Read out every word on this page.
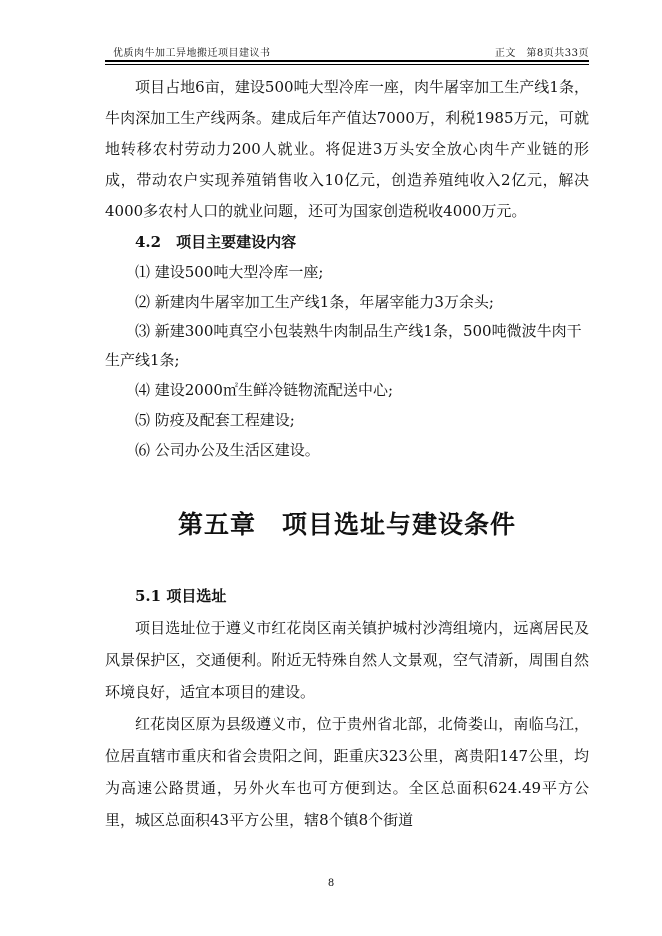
优质肉牛加工异地搬迁项目建议书	正文　第8页共33页

项目占地6亩，建设500吨大型冷库一座，肉牛屠宰加工生产线1条，牛肉深加工生产线两条。建成后年产值达7000万，利税1985万元，可就地转移农村劳动力200人就业。将促进3万头安全放心肉牛产业链的形成，带动农户实现养殖销售收入10亿元，创造养殖纯收入2亿元，解决4000多农村人口的就业问题，还可为国家创造税收4000万元。

4.2　项目主要建设内容

⑴ 建设500吨大型冷库一座;

⑵ 新建肉牛屠宰加工生产线1条，年屠宰能力3万余头;

⑶ 新建300吨真空小包装熟牛肉制品生产线1条，500吨微波牛肉干生产线1条;

⑷ 建设2000㎡生鲜冷链物流配送中心;

⑸ 防疫及配套工程建设;

⑹ 公司办公及生活区建设。

第五章　项目选址与建设条件

5.1 项目选址

项目选址位于遵义市红花岗区南关镇护城村沙湾组境内，远离居民及风景保护区，交通便利。附近无特殊自然人文景观，空气清新，周围自然环境良好，适宜本项目的建设。

红花岗区原为县级遵义市，位于贵州省北部，北倚娄山，南临乌江，位居直辖市重庆和省会贵阳之间，距重庆323公里，离贵阳147公里，均为高速公路贯通，另外火车也可方便到达。全区总面积624.49平方公里，城区总面积43平方公里，辖8个镇8个街道

8
